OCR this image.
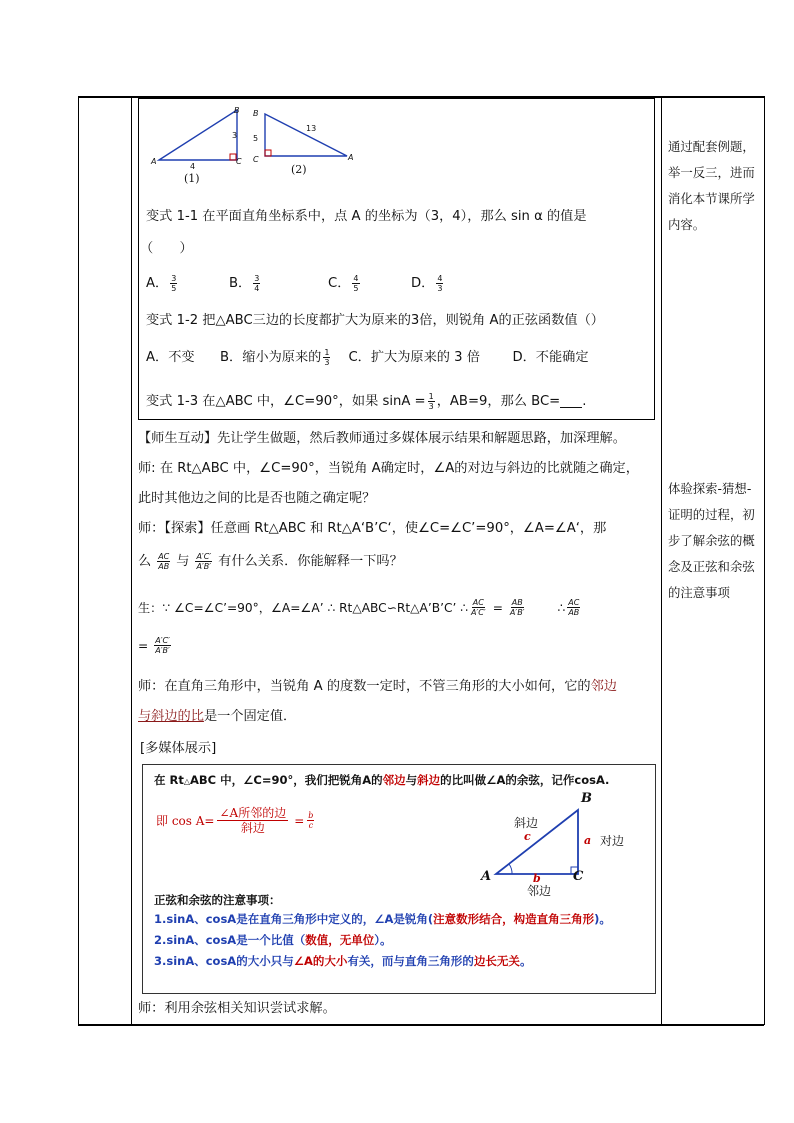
B
A	C
3
4
(1)
B
C	A
5
13
(2)
变式 1-1 在平面直角坐标系中，点 A 的坐标为（3，4），那么 sin α 的值是
（　　）
A． $\frac{3}{5}$	B． $\frac{3}{4}$	C． $\frac{4}{5}$	D． $\frac{4}{3}$
变式 1-2 把△ABC三边的长度都扩大为原来的3倍，则锐角 A的正弦函数值（）
A．不变	B．缩小为原来的 $\frac{1}{3}$ C．扩大为原来的 3 倍	D．不能确定
变式 1-3 在△ABC 中，∠C=90°，如果 $\sin A = \frac{1}{3}$ ，AB=9，那么 BC= .
【师生互动】先让学生做题，然后教师通过多媒体展示结果和解题思路，加深理解。
师: 在 Rt△ABC 中，∠C=90°，当锐角 A确定时，∠A的对边与斜边的比就随之确定，
此时其他边之间的比是否也随之确定呢？
师：【探索】任意画 Rt△ABC 和 Rt△A‘B’C‘，使∠C=∠C’=90°，∠A=∠A‘，那
么 $\frac{AC}{AB}$ 与 $\frac{A'C'}{A'B'}$ 有什么关系．你能解释一下吗？
生：∵ ∠C=∠C’=90°，∠A=∠A’ ∴ Rt△ABC∽Rt△A’B’C’ ∴ $\frac{AC}{A'C'} = \frac{AB}{A'B'}$	∴ $\frac{AC}{AB}$
= $\frac{A'C'}{A'B'}$
师：在直角三角形中，当锐角 A 的度数一定时，不管三角形的大小如何，它的邻边
与斜边的比是一个固定值．
[多媒体展示]
在 Rt△ABC 中，∠C=90°，我们把锐角A的邻边与斜边的比叫做∠A的余弦，记作cosA.
即 cos A=
∠A所邻的边
斜边
= $\frac{b}{c}$
B
A	C
c	a
b
斜边
对边
邻边
正弦和余弦的注意事项：
1.sinA、cosA是在直角三角形中定义的，∠A是锐角(注意数形结合，构造直角三角形)。
2.sinA、cosA是一个比值（数值，无单位）。
3.sinA、cosA的大小只与∠A的大小有关，而与直角三角形的边长无关。
师：利用余弦相关知识尝试求解。
通过配套例题，举一反三，进而消化本节课所学内容。
体验探索-猜想-证明的过程，初步了解余弦的概念及正弦和余弦的注意事项
